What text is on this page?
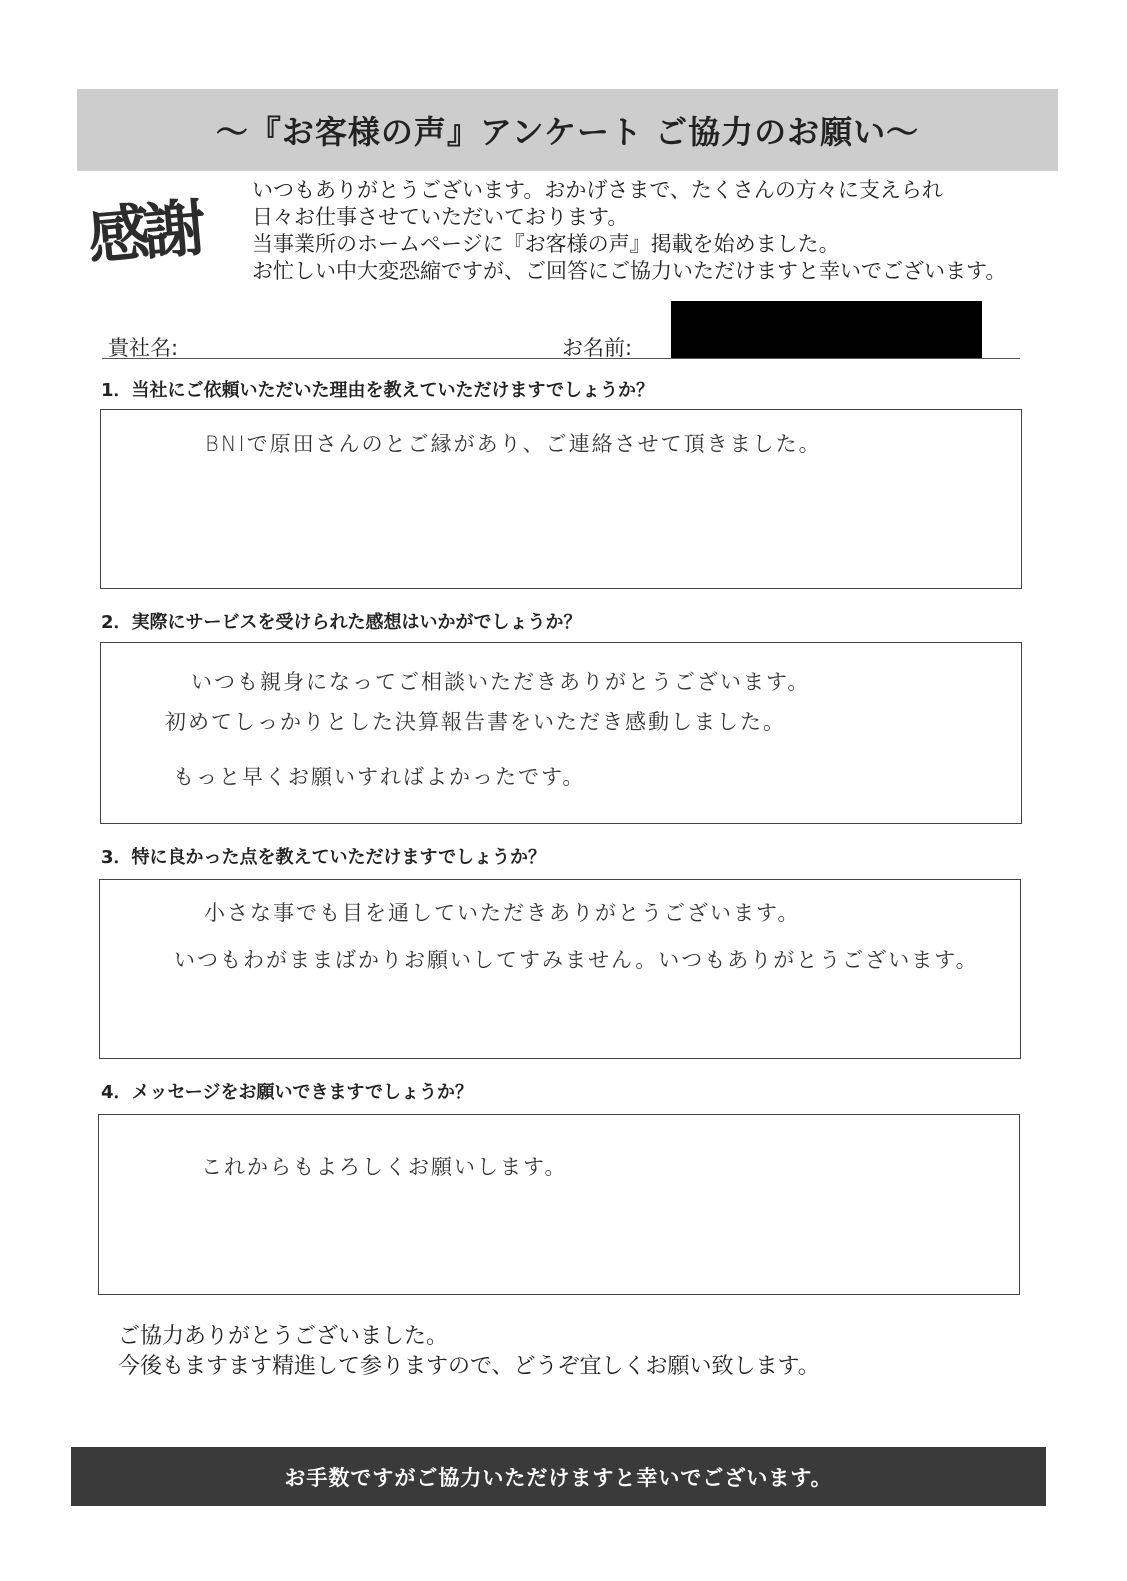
〜『お客様の声』アンケート ご協力のお願い〜
感謝
いつもありがとうございます。おかげさまで、たくさんの方々に支えられ
日々お仕事させていただいております。
当事業所のホームページに『お客様の声』掲載を始めました。
お忙しい中大変恐縮ですが、ご回答にご協力いただけますと幸いでございます。
貴社名:	お名前:
1．当社にご依頼いただいた理由を教えていただけますでしょうか？
BNIで原田さんのとご縁があり、ご連絡させて頂きました。
2．実際にサービスを受けられた感想はいかがでしょうか？
いつも親身になってご相談いただきありがとうございます。
初めてしっかりとした決算報告書をいただき感動しました。
もっと早くお願いすればよかったです。
3．特に良かった点を教えていただけますでしょうか？
小さな事でも目を通していただきありがとうございます。
いつもわがままばかりお願いしてすみません。いつもありがとうございます。
4．メッセージをお願いできますでしょうか？
これからもよろしくお願いします。
ご協力ありがとうございました。
今後もますます精進して参りますので、どうぞ宜しくお願い致します。
お手数ですがご協力いただけますと幸いでございます。
